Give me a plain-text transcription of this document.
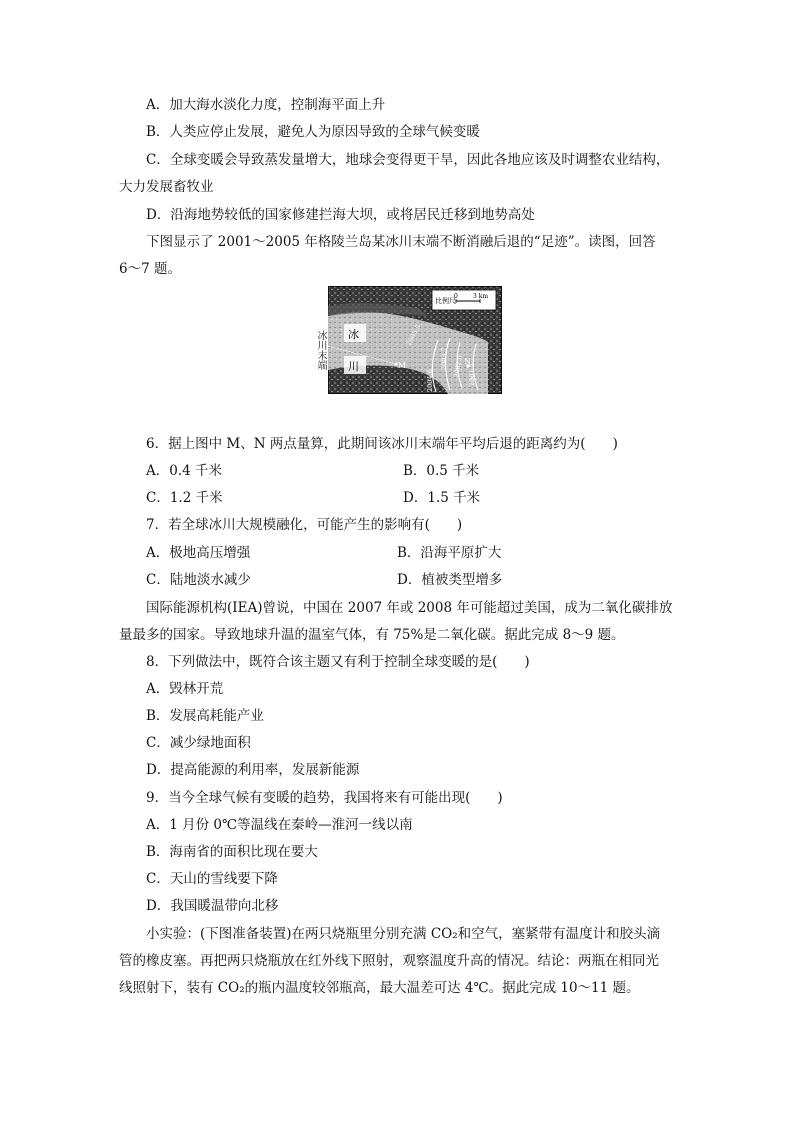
A．加大海水淡化力度，控制海平面上升
B．人类应停止发展，避免人为原因导致的全球气候变暖
C．全球变暖会导致蒸发量增大，地球会变得更干旱，因此各地应该及时调整农业结构，
大力发展畜牧业
D．沿海地势较低的国家修建拦海大坝，或将居民迁移到地势高处
下图显示了 2001～2005 年格陵兰岛某冰川末端不断消融后退的“足迹”。读图，回答
6～7 题。
冰川末端
比例尺
0	3 km
冰
川	M	N
2005.5
2004.6
2003.7 2002.6 2001.5
6．据上图中 M、N 两点量算，此期间该冰川末端年平均后退的距离约为(　　)
A．0.4 千米	B．0.5 千米
C．1.2 千米	D．1.5 千米
7．若全球冰川大规模融化，可能产生的影响有(　　)
A．极地高压增强	B．沿海平原扩大
C．陆地淡水减少	D．植被类型增多
国际能源机构(IEA)曾说，中国在 2007 年或 2008 年可能超过美国，成为二氧化碳排放
量最多的国家。导致地球升温的温室气体，有 75%是二氧化碳。据此完成 8～9 题。
8．下列做法中，既符合该主题又有利于控制全球变暖的是(　　)
A．毁林开荒
B．发展高耗能产业
C．减少绿地面积
D．提高能源的利用率，发展新能源
9．当今全球气候有变暖的趋势，我国将来有可能出现(　　)
A．1 月份 0℃等温线在秦岭—淮河一线以南
B．海南省的面积比现在要大
C．天山的雪线要下降
D．我国暖温带向北移
小实验：(下图准备装置)在两只烧瓶里分别充满 CO₂和空气，塞紧带有温度计和胶头滴
管的橡皮塞。再把两只烧瓶放在红外线下照射，观察温度升高的情况。结论：两瓶在相同光
线照射下，装有 CO₂的瓶内温度较邻瓶高，最大温差可达 4℃。据此完成 10～11 题。
